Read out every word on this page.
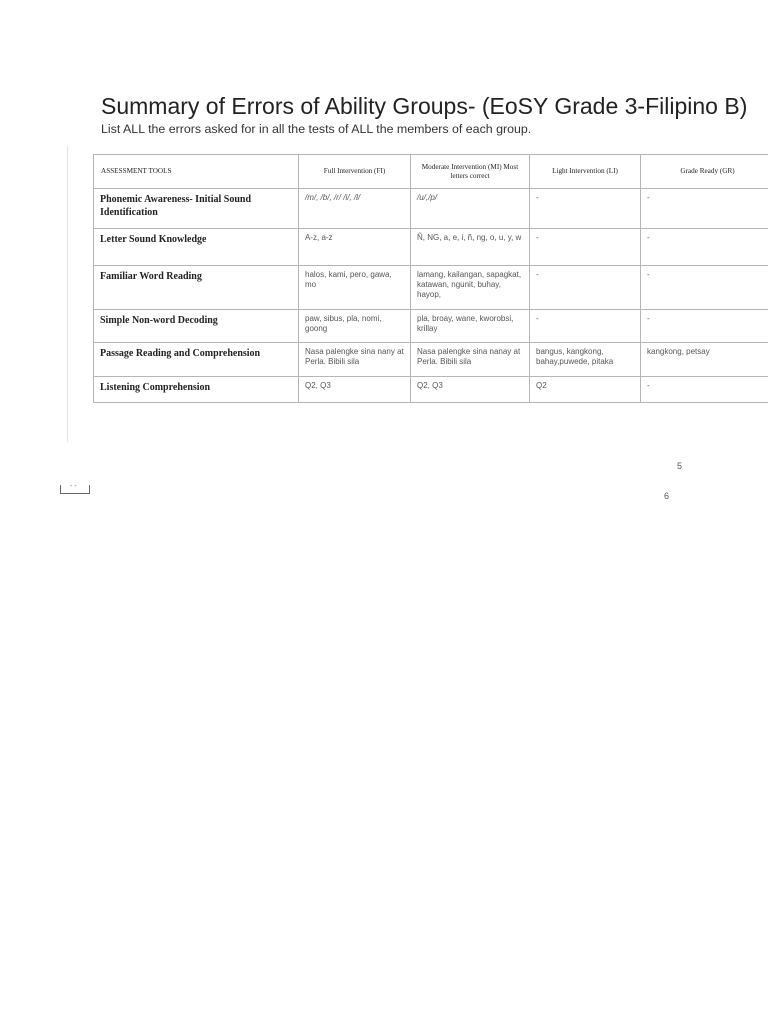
Summary of Errors of Ability Groups- (EoSY Grade 3-Filipino B)
List ALL the errors asked for in all the tests of ALL the members of each group.
ASSESSMENT TOOLS	Full Intervention (FI)	Moderate Intervention (MI) Most letters correct	Light Intervention (LI)	Grade Ready (GR)
Phonemic Awareness- Initial Sound Identification	/m/, /b/, /r/ /i/, /l/	/u/,/p/	-	-
Letter Sound Knowledge	A-z, a-z	Ñ, NG, a, e, i, ñ, ng, o, u, y, w	-	-
Familiar Word Reading	halos, kami, pero, gawa, mo	lamang, kailangan, sapagkat, katawan, ngunit, buhay, hayop,	-	-
Simple Non-word Decoding	paw, sibus, pla, nomi, goong	pla, broay, wane, kworobsi, krillay	-	-
Passage Reading and Comprehension	Nasa palengke sina nany at Perla. Bibili sila	Nasa palengke sina nanay at Perla. Bibili sila	bangus, kangkong, bahay,puwede, pitaka	kangkong, petsay
Listening Comprehension	Q2, Q3	Q2, Q3	Q2	-
5
6
- -
